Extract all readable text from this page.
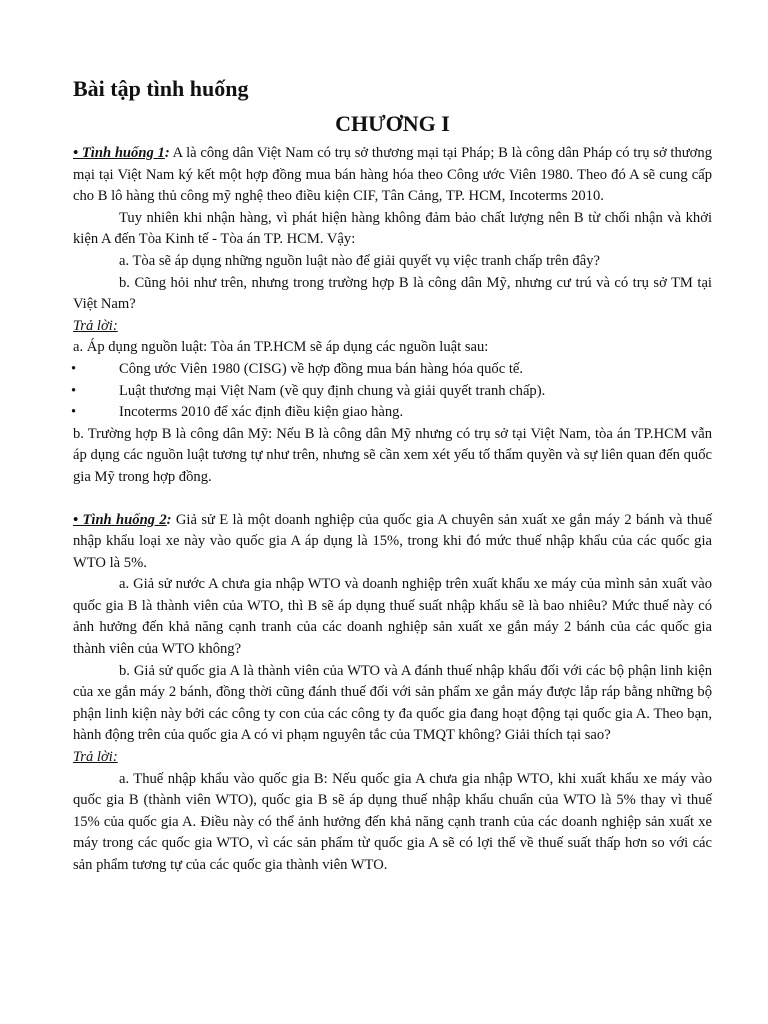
Bài tập tình huống
CHƯƠNG I

• Tình huống 1: A là công dân Việt Nam có trụ sở thương mại tại Pháp; B là công dân Pháp có trụ sở thương mại tại Việt Nam ký kết một hợp đồng mua bán hàng hóa theo Công ước Viên 1980. Theo đó A sẽ cung cấp cho B lô hàng thủ công mỹ nghệ theo điều kiện CIF, Tân Cảng, TP. HCM, Incoterms 2010.

Tuy nhiên khi nhận hàng, vì phát hiện hàng không đảm bảo chất lượng nên B từ chối nhận và khởi kiện A đến Tòa Kinh tế - Tòa án TP. HCM. Vậy:

a. Tòa sẽ áp dụng những nguồn luật nào để giải quyết vụ việc tranh chấp trên đây?

b. Cũng hỏi như trên, nhưng trong trường hợp B là công dân Mỹ, nhưng cư trú và có trụ sở TM tại Việt Nam?

Trả lời:

a. Áp dụng nguồn luật: Tòa án TP.HCM sẽ áp dụng các nguồn luật sau:

•	Công ước Viên 1980 (CISG) về hợp đồng mua bán hàng hóa quốc tế.
•	Luật thương mại Việt Nam (về quy định chung và giải quyết tranh chấp).
•	Incoterms 2010 để xác định điều kiện giao hàng.

b. Trường hợp B là công dân Mỹ: Nếu B là công dân Mỹ nhưng có trụ sở tại Việt Nam, tòa án TP.HCM vẫn áp dụng các nguồn luật tương tự như trên, nhưng sẽ cần xem xét yếu tố thẩm quyền và sự liên quan đến quốc gia Mỹ trong hợp đồng.

• Tình huống 2: Giả sử E là một doanh nghiệp của quốc gia A chuyên sản xuất xe gắn máy 2 bánh và thuế nhập khẩu loại xe này vào quốc gia A áp dụng là 15%, trong khi đó mức thuế nhập khẩu của các quốc gia WTO là 5%.

a. Giả sử nước A chưa gia nhập WTO và doanh nghiệp trên xuất khẩu xe máy của mình sản xuất vào quốc gia B là thành viên của WTO, thì B sẽ áp dụng thuế suất nhập khẩu sẽ là bao nhiêu? Mức thuế này có ảnh hưởng đến khả năng cạnh tranh của các doanh nghiệp sản xuất xe gắn máy 2 bánh của các quốc gia thành viên của WTO không?

b. Giả sử quốc gia A là thành viên của WTO và A đánh thuế nhập khẩu đối với các bộ phận linh kiện của xe gắn máy 2 bánh, đồng thời cũng đánh thuế đối với sản phẩm xe gắn máy được lắp ráp bằng những bộ phận linh kiện này bởi các công ty con của các công ty đa quốc gia đang hoạt động tại quốc gia A. Theo bạn, hành động trên của quốc gia A có vi phạm nguyên tắc của TMQT không? Giải thích tại sao?

Trả lời:

a. Thuế nhập khẩu vào quốc gia B: Nếu quốc gia A chưa gia nhập WTO, khi xuất khẩu xe máy vào quốc gia B (thành viên WTO), quốc gia B sẽ áp dụng thuế nhập khẩu chuẩn của WTO là 5% thay vì thuế 15% của quốc gia A. Điều này có thể ảnh hưởng đến khả năng cạnh tranh của các doanh nghiệp sản xuất xe máy trong các quốc gia WTO, vì các sản phẩm từ quốc gia A sẽ có lợi thế về thuế suất thấp hơn so với các sản phẩm tương tự của các quốc gia thành viên WTO.
